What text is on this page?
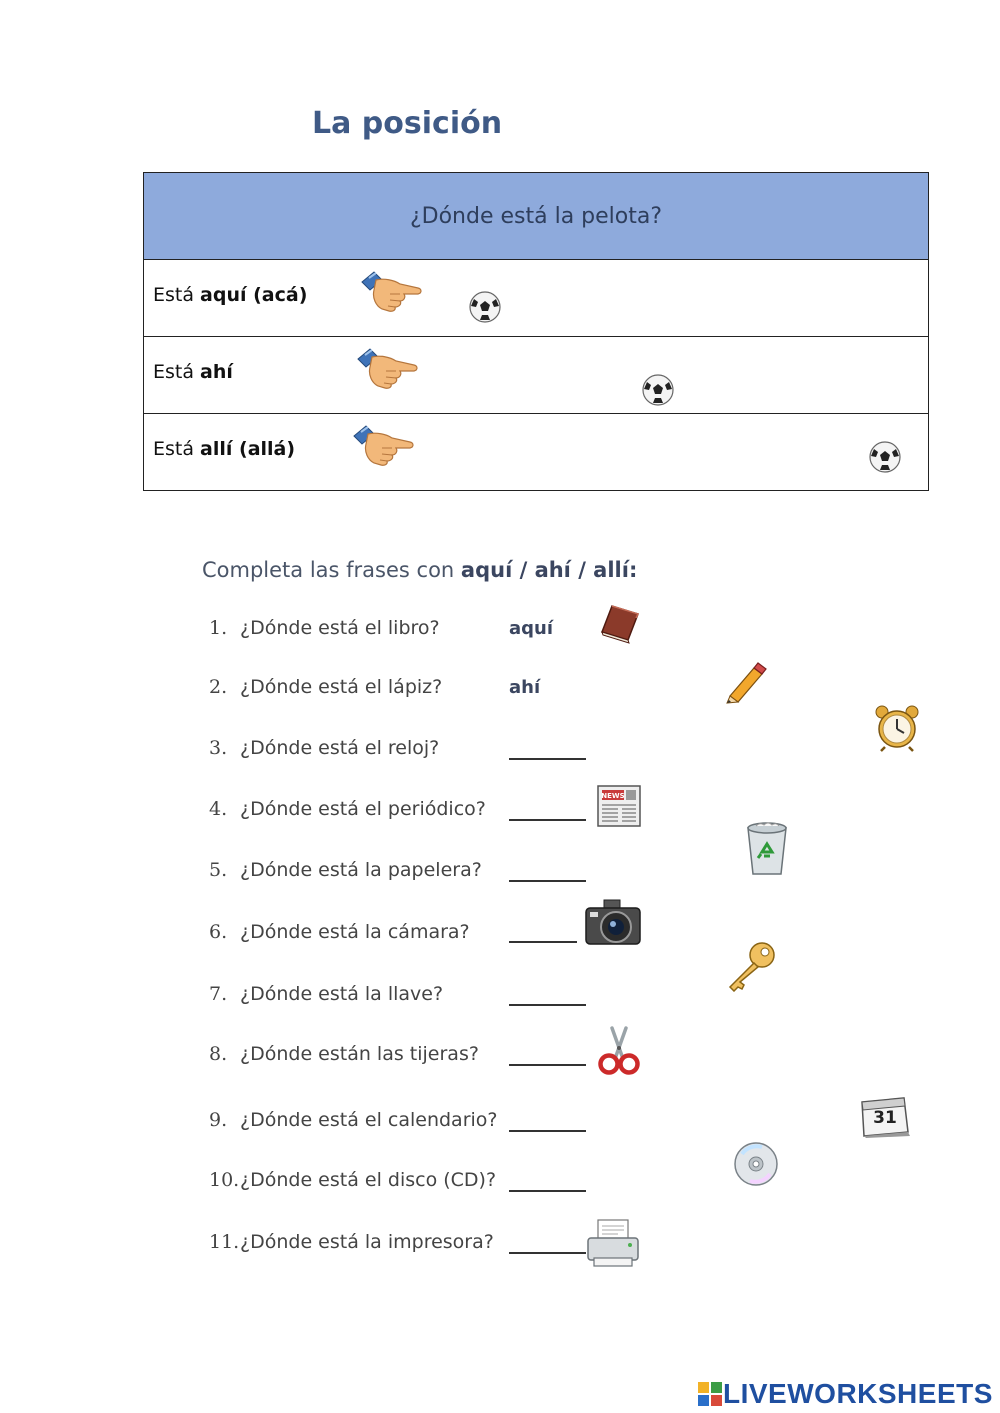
La posición
¿Dónde está la pelota?
Está aquí (acá)
Está ahí
Está allí (allá)
Completa las frases con aquí / ahí / allí:
1. ¿Dónde está el libro?	aquí
2. ¿Dónde está el lápiz?	ahí
3. ¿Dónde está el reloj?
4. ¿Dónde está el periódico?
5. ¿Dónde está la papelera?
6. ¿Dónde está la cámara?
7. ¿Dónde está la llave?
8. ¿Dónde están las tijeras?
9. ¿Dónde está el calendario?
10.¿Dónde está el disco (CD)?
11.¿Dónde está la impresora?
NEWS
31
LIVEWORKSHEETS
